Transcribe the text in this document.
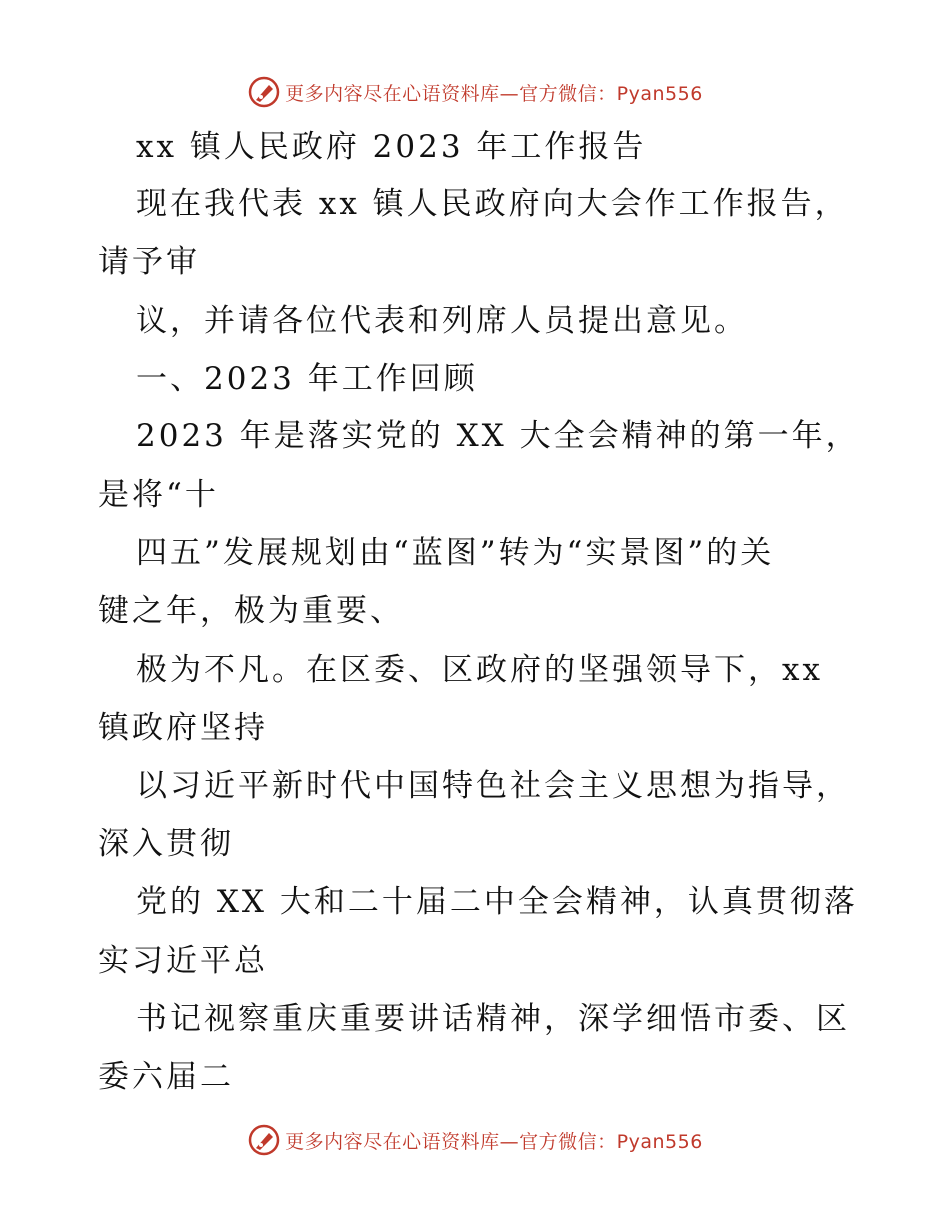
更多内容尽在心语资料库—官方微信：Pyan556
xx 镇人民政府 2023 年工作报告
现在我代表 xx 镇人民政府向大会作工作报告，
请予审
议，并请各位代表和列席人员提出意见。
一、2023 年工作回顾
2023 年是落实党的 XX 大全会精神的第一年，
是将“十
四五”发展规划由“蓝图”转为“实景图”的关
键之年，极为重要、
极为不凡。在区委、区政府的坚强领导下，xx
镇政府坚持
以习近平新时代中国特色社会主义思想为指导，
深入贯彻
党的 XX 大和二十届二中全会精神，认真贯彻落
实习近平总
书记视察重庆重要讲话精神，深学细悟市委、区
委六届二
更多内容尽在心语资料库—官方微信：Pyan556
